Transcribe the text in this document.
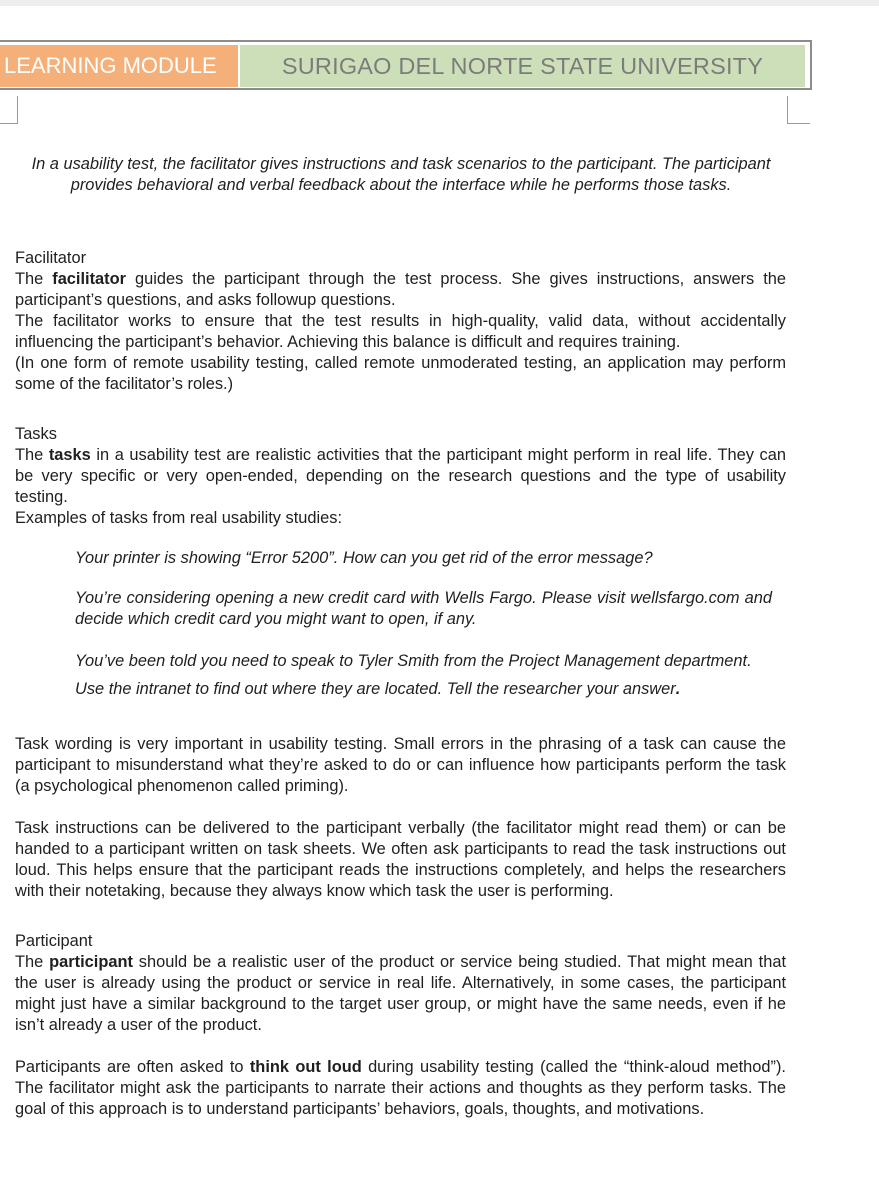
LEARNING MODULE	SURIGAO DEL NORTE STATE UNIVERSITY

In a usability test, the facilitator gives instructions and task scenarios to the participant. The participant provides behavioral and verbal feedback about the interface while he performs those tasks.

Facilitator

The facilitator guides the participant through the test process. She gives instructions, answers the participant’s questions, and asks followup questions.

The facilitator works to ensure that the test results in high-quality, valid data, without accidentally influencing the participant’s behavior. Achieving this balance is difficult and requires training.

(In one form of remote usability testing, called remote unmoderated testing, an application may perform some of the facilitator’s roles.)

Tasks

The tasks in a usability test are realistic activities that the participant might perform in real life. They can be very specific or very open-ended, depending on the research questions and the type of usability testing.

Examples of tasks from real usability studies:

Your printer is showing “Error 5200”. How can you get rid of the error message?

You’re considering opening a new credit card with Wells Fargo. Please visit wellsfargo.com and decide which credit card you might want to open, if any.

You’ve been told you need to speak to Tyler Smith from the Project Management department.

Use the intranet to find out where they are located. Tell the researcher your answer.

Task wording is very important in usability testing. Small errors in the phrasing of a task can cause the participant to misunderstand what they’re asked to do or can influence how participants perform the task (a psychological phenomenon called priming).

Task instructions can be delivered to the participant verbally (the facilitator might read them) or can be handed to a participant written on task sheets. We often ask participants to read the task instructions out loud. This helps ensure that the participant reads the instructions completely, and helps the researchers with their notetaking, because they always know which task the user is performing.

Participant

The participant should be a realistic user of the product or service being studied. That might mean that the user is already using the product or service in real life. Alternatively, in some cases, the participant might just have a similar background to the target user group, or might have the same needs, even if he isn’t already a user of the product.

Participants are often asked to think out loud during usability testing (called the “think-aloud method”). The facilitator might ask the participants to narrate their actions and thoughts as they perform tasks. The goal of this approach is to understand participants’ behaviors, goals, thoughts, and motivations.
